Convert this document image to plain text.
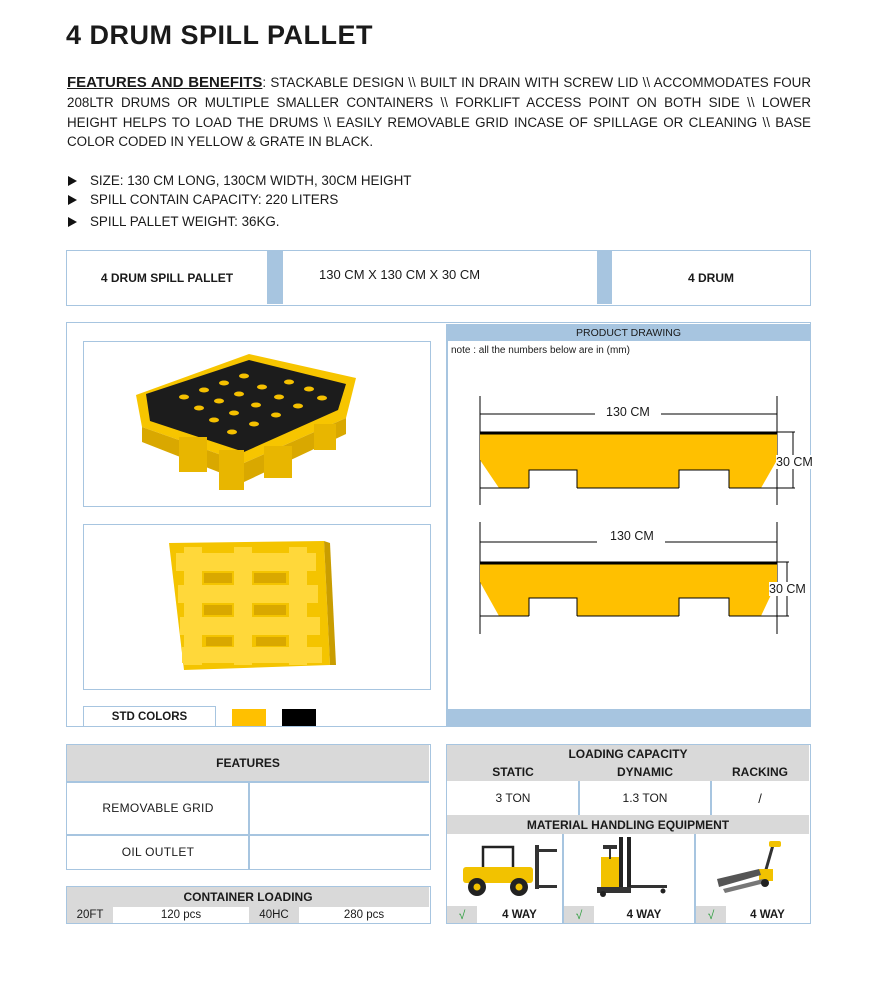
4 DRUM SPILL PALLET
FEATURES AND BENEFITS: STACKABLE DESIGN \\ BUILT IN DRAIN WITH SCREW LID \\ ACCOMMODATES FOUR 208LTR DRUMS OR MULTIPLE SMALLER CONTAINERS \\ FORKLIFT ACCESS POINT ON BOTH SIDE \\ LOWER HEIGHT HELPS TO LOAD THE DRUMS \\ EASILY REMOVABLE GRID INCASE OF SPILLAGE OR CLEANING \\ BASE COLOR CODED IN YELLOW & GRATE IN BLACK.
SIZE: 130 CM LONG, 130CM WIDTH, 30CM HEIGHT
SPILL CONTAIN CAPACITY: 220 LITERS
SPILL PALLET WEIGHT: 36KG.
4 DRUM SPILL PALLET	130 CM X 130 CM X 30 CM	4 DRUM
STD COLORS
PRODUCT DRAWING
note : all the numbers below are in (mm)
130 CM
30 CM
130 CM
30 CM
FEATURES
REMOVABLE GRID
OIL OUTLET
CONTAINER LOADING
20FT	120 pcs	40HC	280 pcs
LOADING CAPACITY
STATIC	DYNAMIC	RACKING
3 TON	1.3 TON	/
MATERIAL HANDLING EQUIPMENT
√	4 WAY	√	4 WAY	√	4 WAY
